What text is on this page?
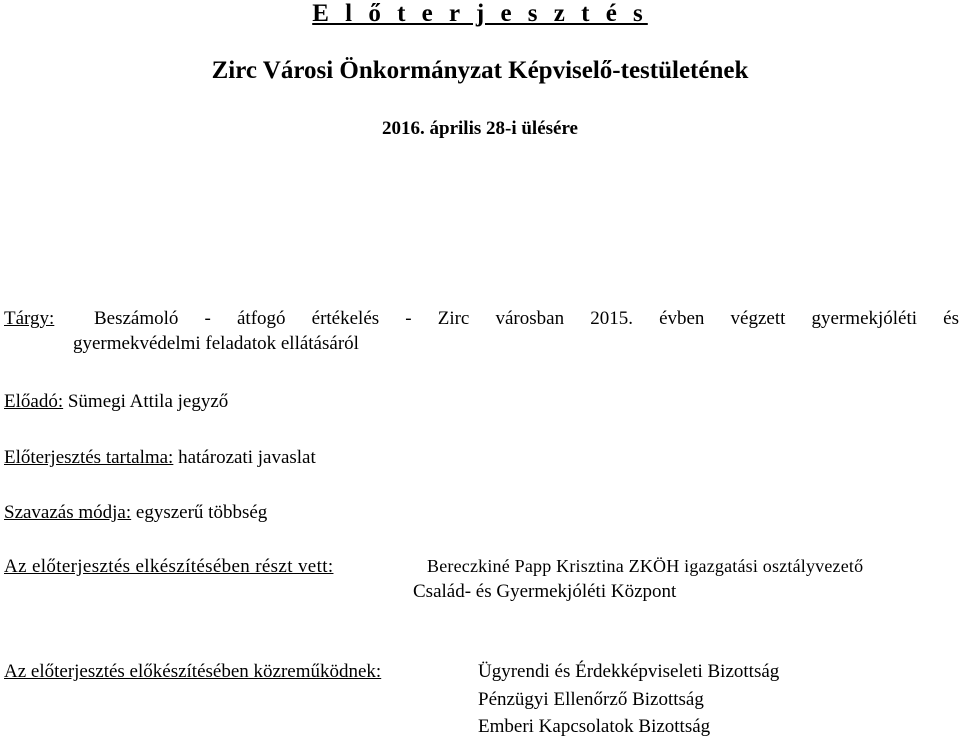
E l ő t e r j e s z t é s
Zirc Városi Önkormányzat Képviselő-testületének
2016. április 28-i ülésére
Tárgy:	Beszámoló - átfogó értékelés - Zirc városban 2015. évben végzett gyermekjóléti és
gyermekvédelmi feladatok ellátásáról
Előadó: Sümegi Attila jegyző
Előterjesztés tartalma: határozati javaslat
Szavazás módja: egyszerű többség
Az előterjesztés elkészítésében részt vett:	Bereczkiné Papp Krisztina ZKÖH igazgatási osztályvezető
Család- és Gyermekjóléti Központ
Az előterjesztés előkészítésében közreműködnek:	Ügyrendi és Érdekképviseleti Bizottság
Pénzügyi Ellenőrző Bizottság
Emberi Kapcsolatok Bizottság
